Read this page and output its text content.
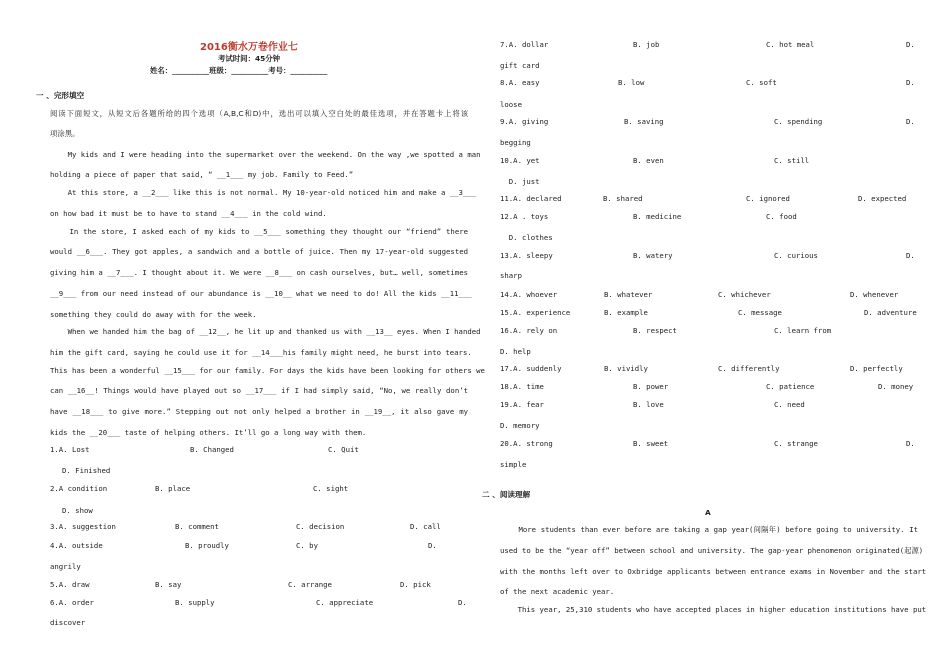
2016衡水万卷作业七
考试时间：45分钟
姓名：__________班级：__________考号：__________
一 、完形填空
阅读下面短文，从短文后各题所给的四个选项（A,B,C和D)中，选出可以填入空白处的最佳选项，并在答题卡上将该
项涂黑。
My kids and I were heading into the supermarket over the weekend. On the way ,we spotted a man
holding a piece of paper that said, “ __1___ my job. Family to Feed.”
At this store, a __2___ like this is not normal. My 10-year-old noticed him and make a __3___
on how bad it must be to have to stand __4___ in the cold wind.
In the store, I asked each of my kids to __5___ something they thought our “friend” there
would __6___. They got apples, a sandwich and a bottle of juice. Then my 17-year-old suggested
giving him a __7___. I thought about it. We were __8___ on cash ourselves, but… well, sometimes
__9___ from our need instead of our abundance is __10__ what we need to do! All the kids __11___
something they could do away with for the week.
When we handed him the bag of __12__, he lit up and thanked us with __13__ eyes. When I handed
him the gift card, saying he could use it for __14___his family might need, he burst into tears.
This has been a wonderful __15___ for our family. For days the kids have been looking for others we
can __16__! Things would have played out so __17___ if I had simply said, “No, we really don’t
have __18___ to give more.” Stepping out not only helped a brother in __19__, it also gave my
kids the __20___ taste of helping others. It’ll go a long way with them.
1.A. Lost	B. Changed	C. Quit
D. Finished
2.A condition	B. place	C. sight
D. show
3.A. suggestion	B. comment	C. decision	D. call
4.A. outside	B. proudly	C. by	D.
angrily
5.A. draw	B. say	C. arrange	D. pick
6.A. order	B. supply	C. appreciate	D.
discover
7.A. dollar	B. job	C. hot meal	D.
gift card
8.A. easy	B. low	C. soft	D.
loose
9.A. giving	B. saving	C. spending	D.
begging
10.A. yet	B. even	C. still
D. just
11.A. declared	B. shared	C. ignored	D. expected
12.A . toys	B. medicine	C. food
D. clothes
13.A. sleepy	B. watery	C. curious	D.
sharp
14.A. whoever	B. whatever	C. whichever	D. whenever
15.A. experience	B. example	C. message	D. adventure
16.A. rely on	B. respect	C. learn from
D. help
17.A. suddenly	B. vividly	C. differently	D. perfectly
18.A. time	B. power	C. patience	D. money
19.A. fear	B. love	C. need
D. memory
20.A. strong	B. sweet	C. strange	D.
simple
二 、阅读理解
A
More students than ever before are taking a gap year(间隔年) before going to university. It
used to be the “year off” between school and university. The gap-year phenomenon originated(起源)
with the months left over to Oxbridge applicants between entrance exams in November and the start
of the next academic year.
This year, 25,310 students who have accepted places in higher education institutions have put
